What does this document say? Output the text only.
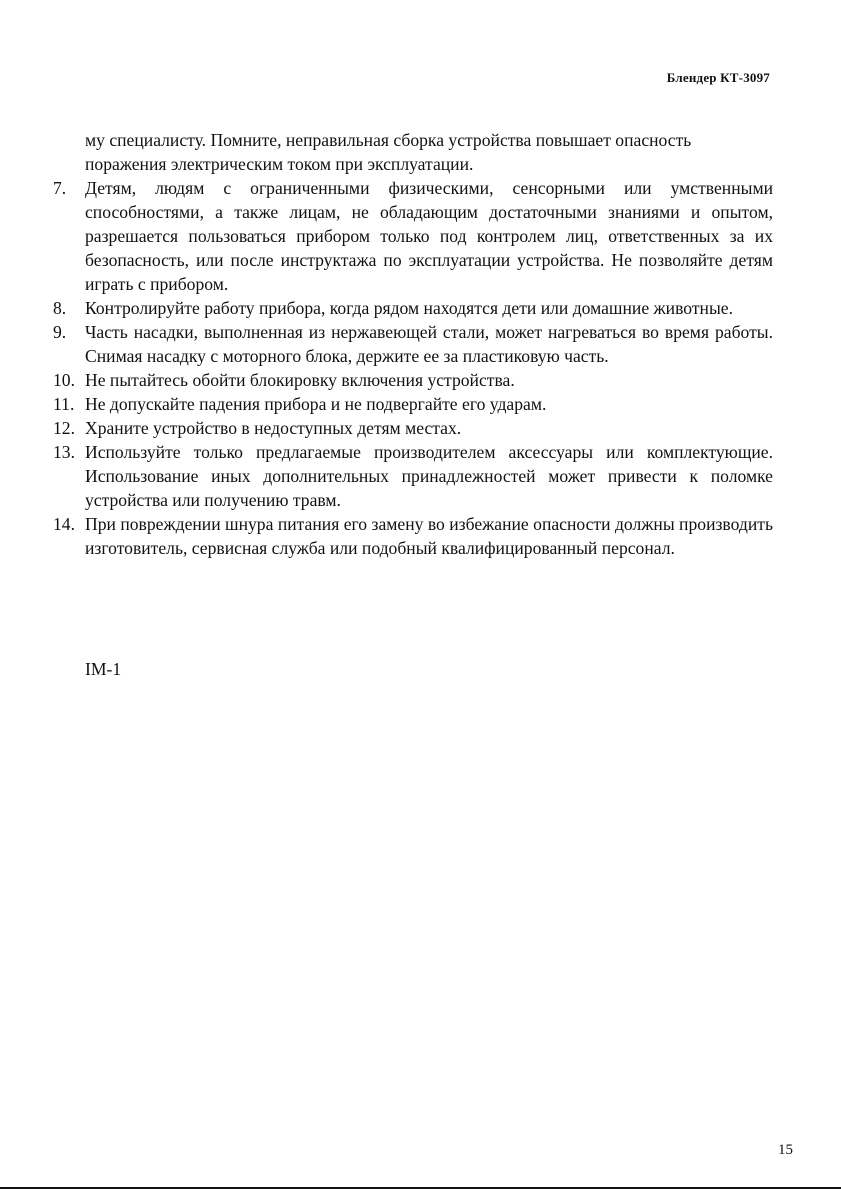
Блендер КТ-3097
му специалисту. Помните, неправильная сборка устройства повышает опасность поражения электрическим током при эксплуатации.
7.	Детям, людям с ограниченными физическими, сенсорными или умственными способностями, а также лицам, не обладающим достаточными знаниями и опытом, разрешается пользоваться прибором только под контролем лиц, ответственных за их безопасность, или после инструктажа по эксплуатации устройства. Не позволяйте детям играть с прибором.
8.	Контролируйте работу прибора, когда рядом находятся дети или домашние животные.
9.	Часть насадки, выполненная из нержавеющей стали, может нагреваться во время работы. Снимая насадку с моторного блока, держите ее за пластиковую часть.
10. Не пытайтесь обойти блокировку включения устройства.
11. Не допускайте падения прибора и не подвергайте его ударам.
12. Храните устройство в недоступных детям местах.
13. Используйте только предлагаемые производителем аксессуары или комплектующие. Использование иных дополнительных принадлежностей может привести к поломке устройства или получению травм.
14. При повреждении шнура питания его замену во избежание опасности должны производить изготовитель, сервисная служба или подобный квалифицированный персонал.
IM-1
15
